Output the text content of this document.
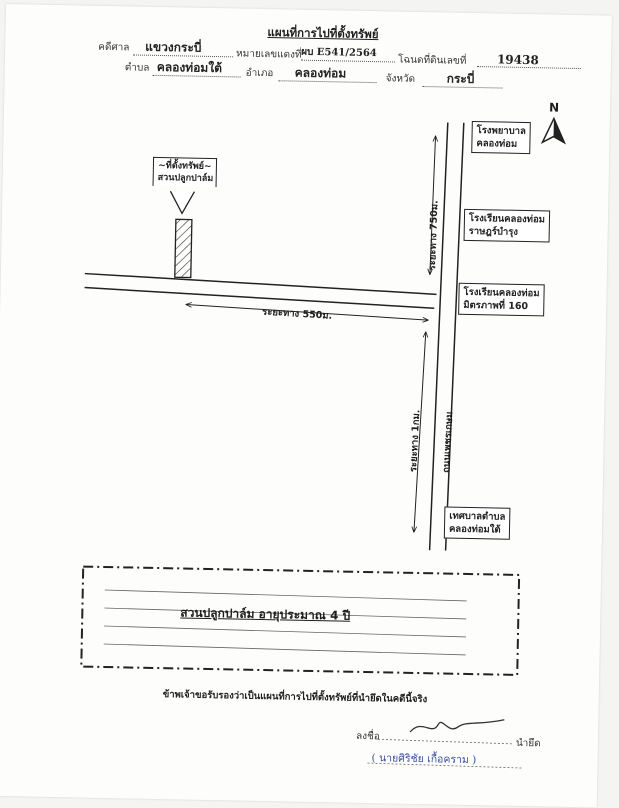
แผนที่การไปที่ตั้งทรัพย์
คดีศาล แขวงกระบี่	หมายเลขแดงที่ ผบ E541/2564
โฉนดที่ดินเลขที่	19438
ตำบล คลองท่อมใต้ อำเภอ คลองท่อม	จังหวัด	กระบี่
N
~ที่ตั้งทรัพย์~
สวนปลูกปาล์ม
โรงพยาบาล
คลองท่อม
โรงเรียนคลองท่อม
ราษฎร์บำรุง
โรงเรียนคลองท่อม
มิตรภาพที่ 160
เทศบาลตำบล
คลองท่อมใต้
ระยะทาง 750ม.
ระยะทาง 550ม.
ระยะทาง 1กม. ถนนเพชรเกษม
สวนปลูกปาล์ม อายุประมาณ 4 ปี
ข้าพเจ้าขอรับรองว่าเป็นแผนที่การไปที่ตั้งทรัพย์ที่นำยึดในคดีนี้จริง
ลงชื่อ
นำยึด
( นายศิริชัย เกื้อคราม )
